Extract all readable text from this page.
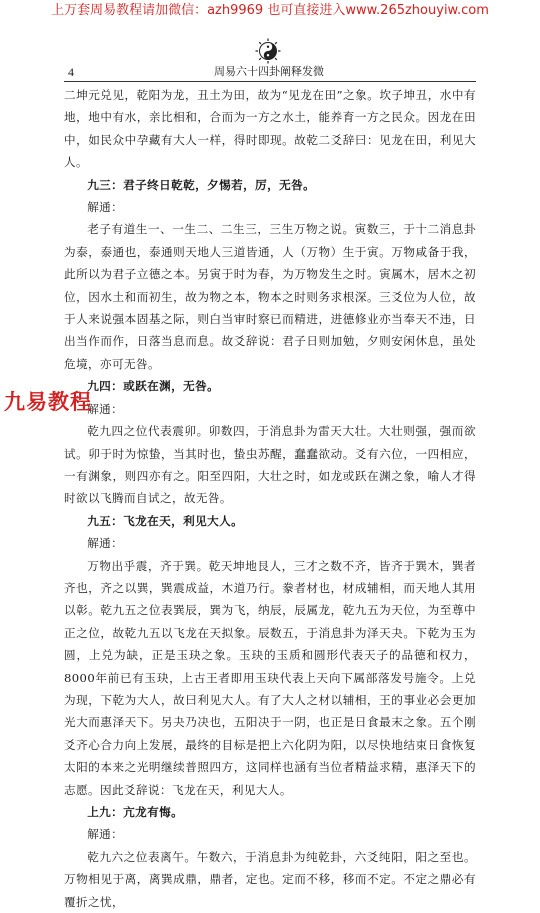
上万套周易教程请加微信：azh9969 也可直接进入www.265zhouyiw.com
4	周易六十四卦阐释发微

二坤元兑见，乾阳为龙，丑土为田，故为“见龙在田”之象。坎子坤丑，水中有地，地中有水，亲比相和，合而为一方之水土，能养育一方之民众。因龙在田中，如民众中孕藏有大人一样，得时即现。故乾二爻辞曰：见龙在田，利见大人。

九三：君子终日乾乾，夕惕若，厉，无咎。

解通：

老子有道生一、一生二、二生三，三生万物之说。寅数三，于十二消息卦为泰，泰通也，泰通则天地人三道皆通，人（万物）生于寅。万物咸备于我，此所以为君子立德之本。另寅于时为春，为万物发生之时。寅属木，居木之初位，因水土和而初生，故为物之本，物本之时则务求根深。三爻位为人位，故于人来说强本固基之际，则白当审时察已而精进，进德修业亦当奉天不违，日出当作而作，日落当息而息。故爻辞说：君子日则加勉，夕则安闲休息，虽处危境，亦可无咎。

九四：或跃在渊，无咎。

解通：

乾九四之位代表震卯。卯数四，于消息卦为雷天大壮。大壮则强，强而欲试。卯于时为惊蛰，当其时也，蛰虫苏醒，蠢蠢欲动。爻有六位，一四相应，一有渊象，则四亦有之。阳至四阳，大壮之时，如龙或跃在渊之象，喻人才得时欲以飞腾而自试之，故无咎。

九五：飞龙在天，利见大人。

解通：

万物出乎震，齐于巽。乾天坤地艮人，三才之数不齐，皆齐于巽木，巽者齐也，齐之以巽，巽震成益，木道乃行。豢者材也，材成辅相，而天地人其用以彰。乾九五之位表巽辰，巽为飞，纳辰，辰属龙，乾九五为天位，为至尊中正之位，故乾九五以飞龙在天拟象。辰数五，于消息卦为泽天夬。下乾为玉为圆，上兑为缺，正是玉玦之象。玉玦的玉质和圆形代表天子的品德和权力，8000年前已有玉玦，上古王者即用玉玦代表上天向下属部落发号施令。上兑为现，下乾为大人，故曰利见大人。有了大人之材以辅相，王的事业必会更加光大而惠泽天下。另夬乃决也，五阳决于一阴，也正是日食最末之象。五个刚爻齐心合力向上发展，最终的目标是把上六化阴为阳，以尽快地结束日食恢复太阳的本来之光明继续普照四方，这同样也涵有当位者精益求精，惠泽天下的志愿。因此爻辞说：飞龙在天，利见大人。

上九：亢龙有悔。

解通：

乾九六之位表离午。午数六，于消息卦为纯乾卦，六爻纯阳，阳之至也。万物相见于离，离巽成鼎，鼎者，定也。定而不移，移而不定。不定之鼎必有覆折之忧，

九易教程
